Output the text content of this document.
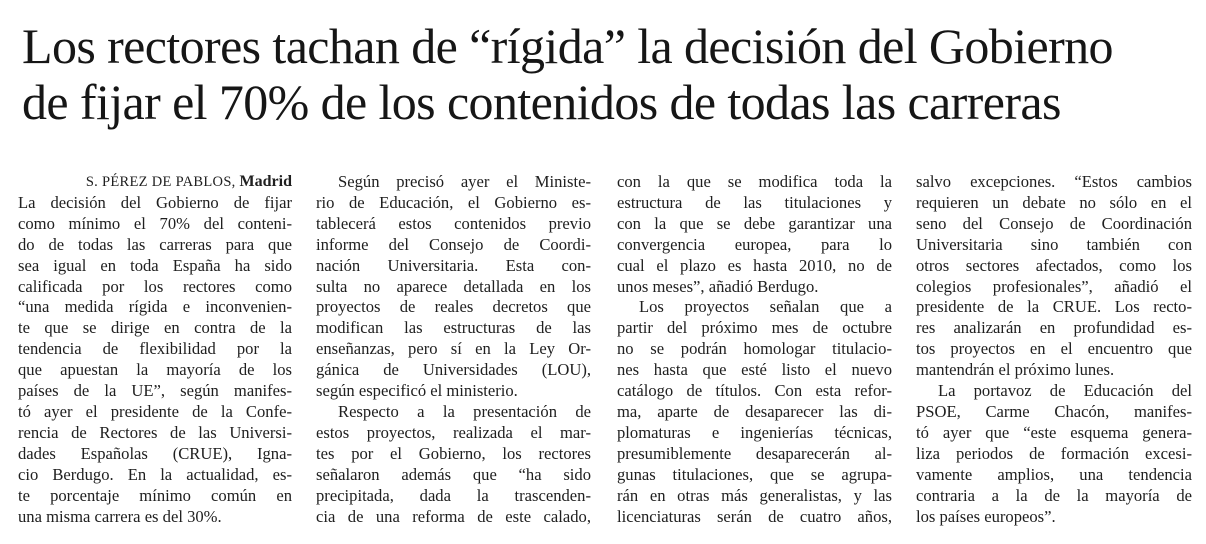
Los rectores tachan de “rígida” la decisión del Gobierno
de fijar el 70% de los contenidos de todas las carreras
S. PÉREZ DE PABLOS, Madrid

La decisión del Gobierno de fijar
como mínimo el 70% del conteni-
do de todas las carreras para que
sea igual en toda España ha sido
calificada por los rectores como
“una medida rígida e inconvenien-
te que se dirige en contra de la
tendencia de flexibilidad por la
que apuestan la mayoría de los
países de la UE”, según manifes-
tó ayer el presidente de la Confe-
rencia de Rectores de las Universi-
dades Españolas (CRUE), Igna-
cio Berdugo. En la actualidad, es-
te porcentaje mínimo común en
una misma carrera es del 30%.

Según precisó ayer el Ministe-
rio de Educación, el Gobierno es-
tablecerá estos contenidos previo
informe del Consejo de Coordi-
nación Universitaria. Esta con-
sulta no aparece detallada en los
proyectos de reales decretos que
modifican las estructuras de las
enseñanzas, pero sí en la Ley Or-
gánica de Universidades (LOU),
según especificó el ministerio.

Respecto a la presentación de
estos proyectos, realizada el mar-
tes por el Gobierno, los rectores
señalaron además que “ha sido
precipitada, dada la trascenden-
cia de una reforma de este calado,

con la que se modifica toda la
estructura de las titulaciones y
con la que se debe garantizar una
convergencia europea, para lo
cual el plazo es hasta 2010, no de
unos meses”, añadió Berdugo.

Los proyectos señalan que a
partir del próximo mes de octubre
no se podrán homologar titulacio-
nes hasta que esté listo el nuevo
catálogo de títulos. Con esta refor-
ma, aparte de desaparecer las di-
plomaturas e ingenierías técnicas,
presumiblemente desaparecerán al-
gunas titulaciones, que se agrupa-
rán en otras más generalistas, y las
licenciaturas serán de cuatro años,

salvo excepciones. “Estos cambios
requieren un debate no sólo en el
seno del Consejo de Coordinación
Universitaria sino también con
otros sectores afectados, como los
colegios profesionales”, añadió el
presidente de la CRUE. Los recto-
res analizarán en profundidad es-
tos proyectos en el encuentro que
mantendrán el próximo lunes.

La portavoz de Educación del
PSOE, Carme Chacón, manifes-
tó ayer que “este esquema genera-
liza periodos de formación excesi-
vamente amplios, una tendencia
contraria a la de la mayoría de
los países europeos”.
